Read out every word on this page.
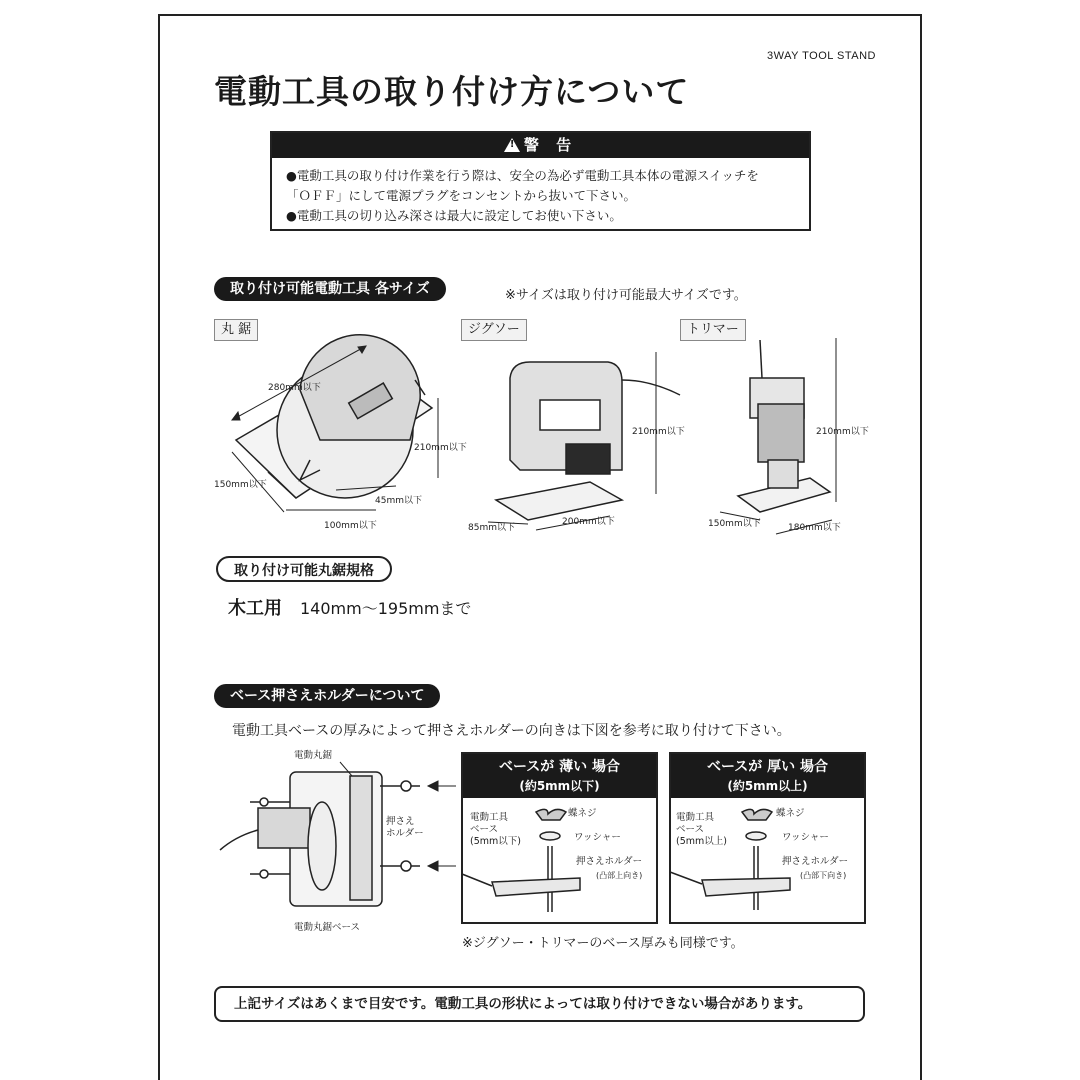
3WAY TOOL STAND
電動工具の取り付け方について
!警 告
●電動工具の取り付け作業を行う際は、安全の為必ず電動工具本体の電源スイッチを
「ＯＦＦ」にして電源プラグをコンセントから抜いて下さい。
●電動工具の切り込み深さは最大に設定してお使い下さい。
取り付け可能電動工具 各サイズ	※サイズは取り付け可能最大サイズです。
丸 鋸	ジグソー	トリマー
280mm以下
210mm以下
150mm以下
45mm以下
100mm以下
210mm以下
85mm以下
200mm以下
210mm以下
150mm以下	180mm以下
取り付け可能丸鋸規格
木工用 140mm～195mmまで
ベース押さえホルダーについて
電動工具ベースの厚みによって押さえホルダーの向きは下図を参考に取り付けて下さい。
電動丸鋸
押さえ
ホルダー
電動丸鋸ベース
ベースが 薄い 場合
(約5mm以下)
蝶ネジ
ワッシャー
電動工具
ベース
(5mm以下)
押さえホルダー
(凸部上向き)
ベースが 厚い 場合
(約5mm以上)
蝶ネジ
ワッシャー
電動工具
ベース
(5mm以上)
押さえホルダー
(凸部下向き)
※ジグソー・トリマーのベース厚みも同様です。
上記サイズはあくまで目安です。電動工具の形状によっては取り付けできない場合があります。
